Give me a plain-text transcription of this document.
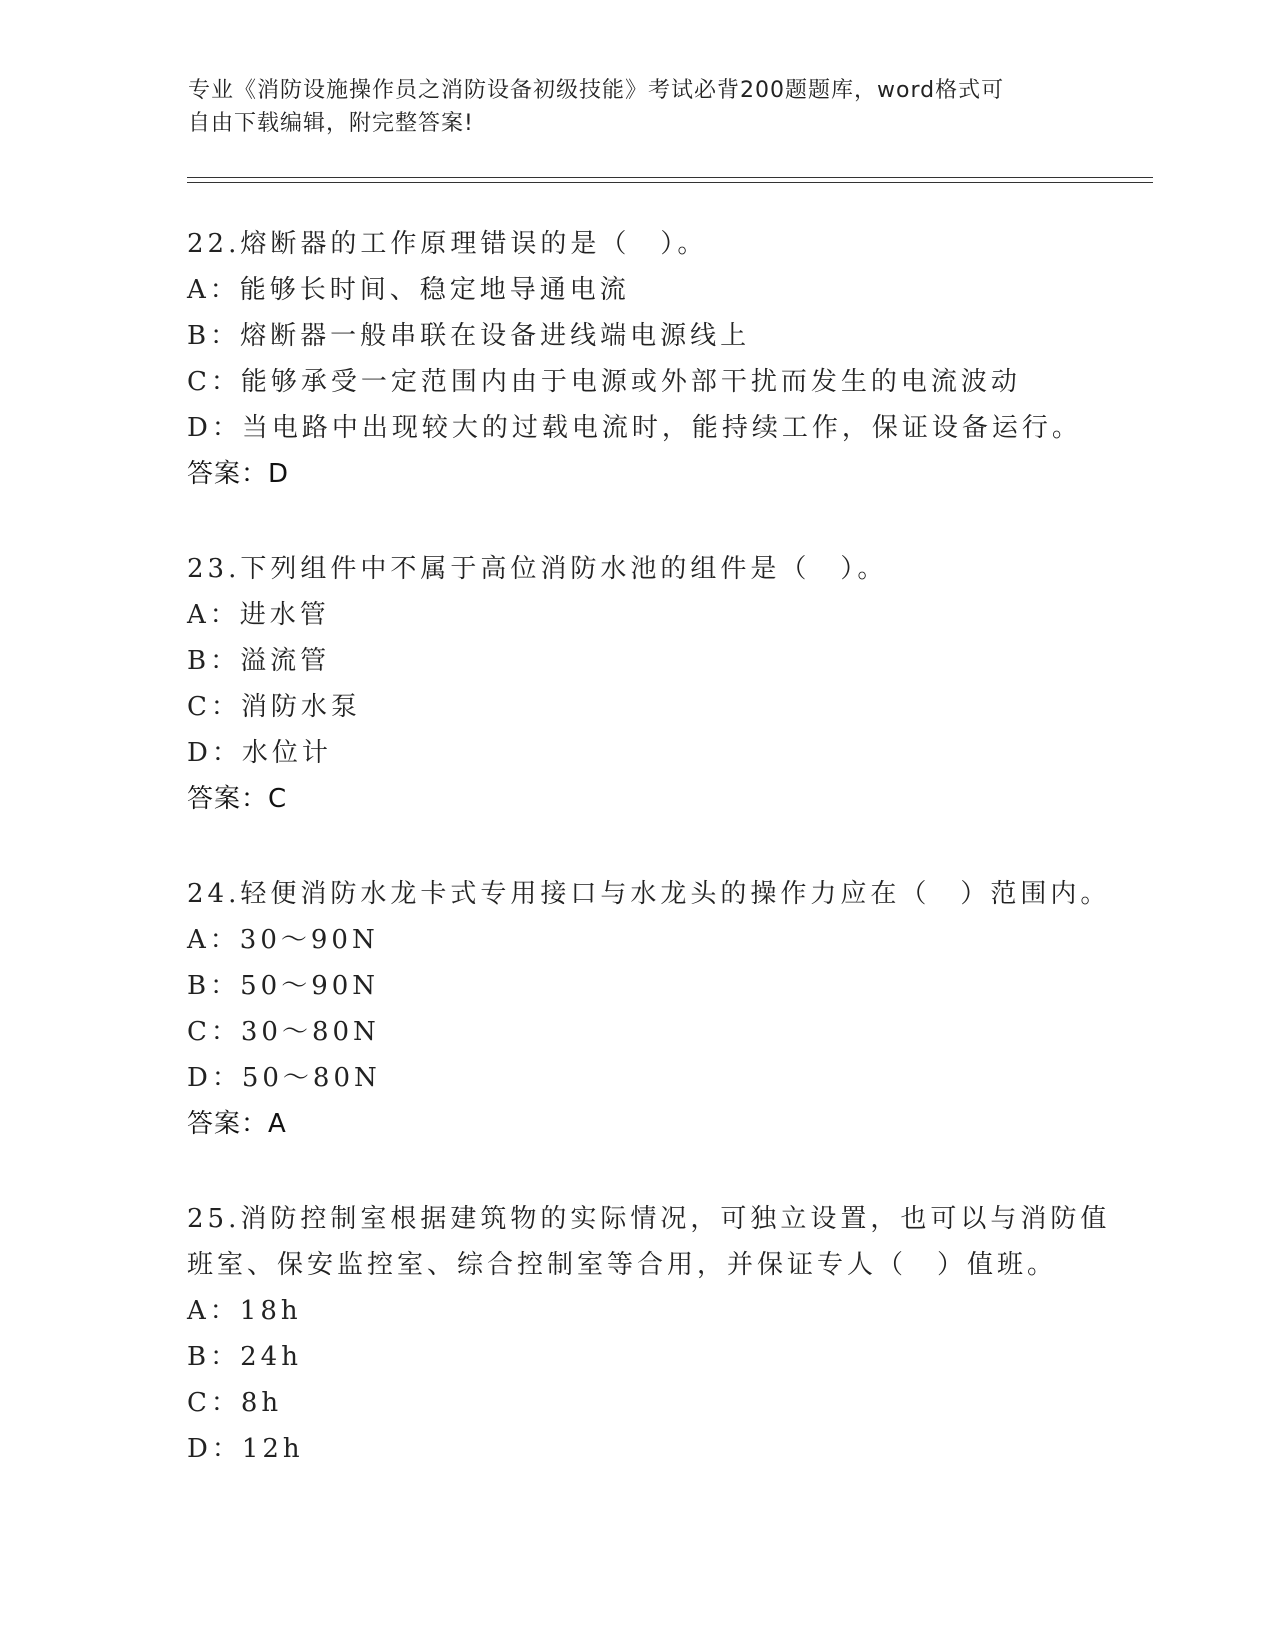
专业《消防设施操作员之消防设备初级技能》考试必背200题题库，word格式可
自由下载编辑，附完整答案!
22.熔断器的工作原理错误的是（　）。
A：能够长时间、稳定地导通电流
B：熔断器一般串联在设备进线端电源线上
C：能够承受一定范围内由于电源或外部干扰而发生的电流波动
D：当电路中出现较大的过载电流时，能持续工作，保证设备运行。
答案：D
23.下列组件中不属于高位消防水池的组件是（　）。
A：进水管
B：溢流管
C：消防水泵
D：水位计
答案：C
24.轻便消防水龙卡式专用接口与水龙头的操作力应在（　）范围内。
A：30～90N
B：50～90N
C：30～80N
D：50～80N
答案：A
25.消防控制室根据建筑物的实际情况，可独立设置，也可以与消防值
班室、保安监控室、综合控制室等合用，并保证专人（　）值班。
A：18h
B：24h
C：8h
D：12h
